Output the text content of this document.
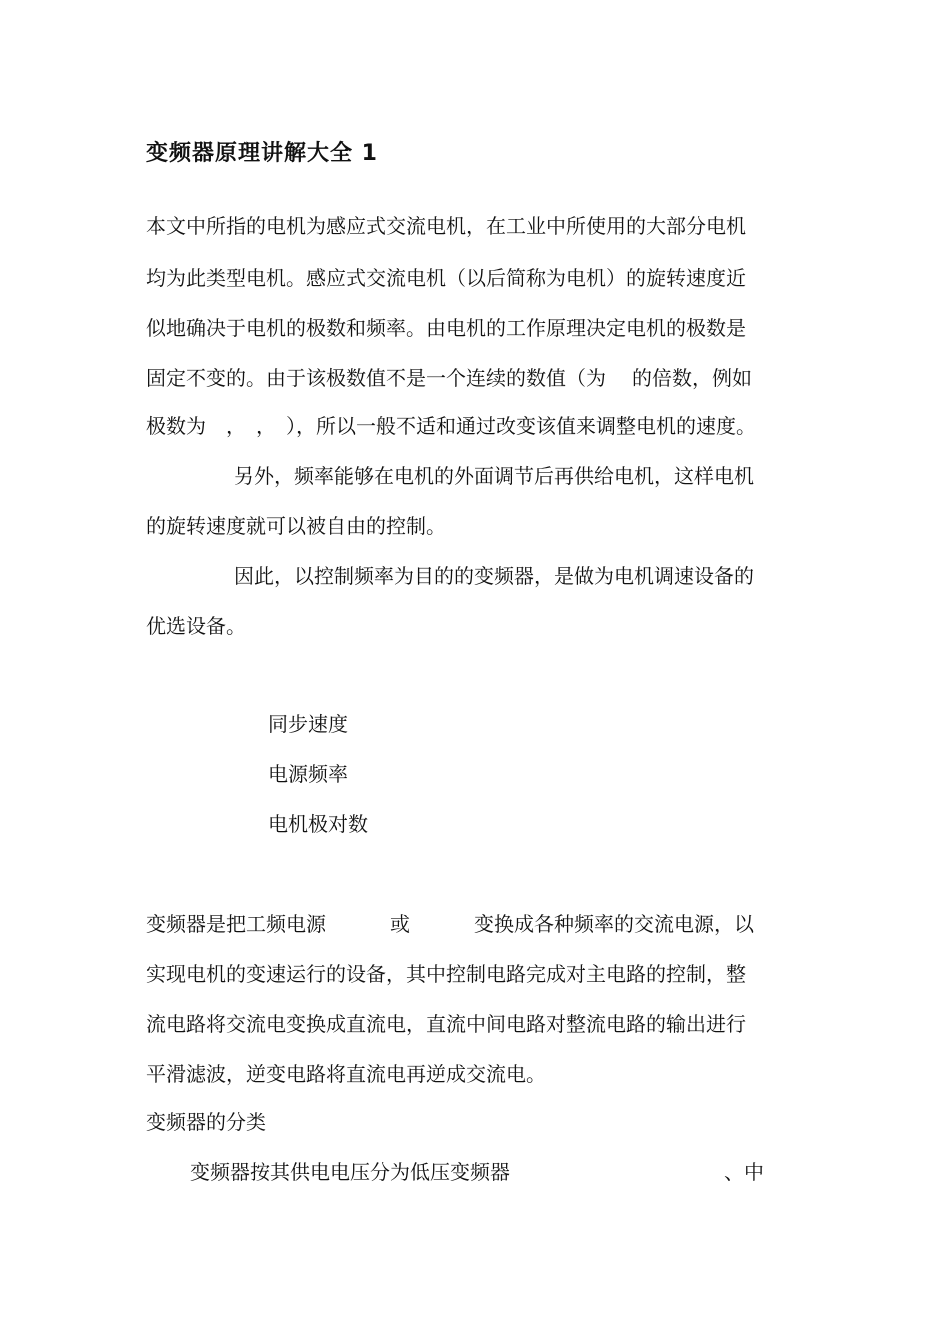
变频器原理讲解大全 1
本文中所指的电机为感应式交流电机，在工业中所使用的大部分电机
均为此类型电机。感应式交流电机（以后简称为电机）的旋转速度近
似地确决于电机的极数和频率。由电机的工作原理决定电机的极数是
固定不变的。由于该极数值不是一个连续的数值（为 的倍数，例如
极数为 ， ， ），所以一般不适和通过改变该值来调整电机的速度。
另外，频率能够在电机的外面调节后再供给电机，这样电机
的旋转速度就可以被自由的控制。
因此，以控制频率为目的的变频器，是做为电机调速设备的
优选设备。
同步速度
电源频率
电机极对数
变频器是把工频电源	或	变换成各种频率的交流电源，以
实现电机的变速运行的设备，其中控制电路完成对主电路的控制，整
流电路将交流电变换成直流电，直流中间电路对整流电路的输出进行
平滑滤波，逆变电路将直流电再逆成交流电。
变频器的分类
变频器按其供电电压分为低压变频器	、中
